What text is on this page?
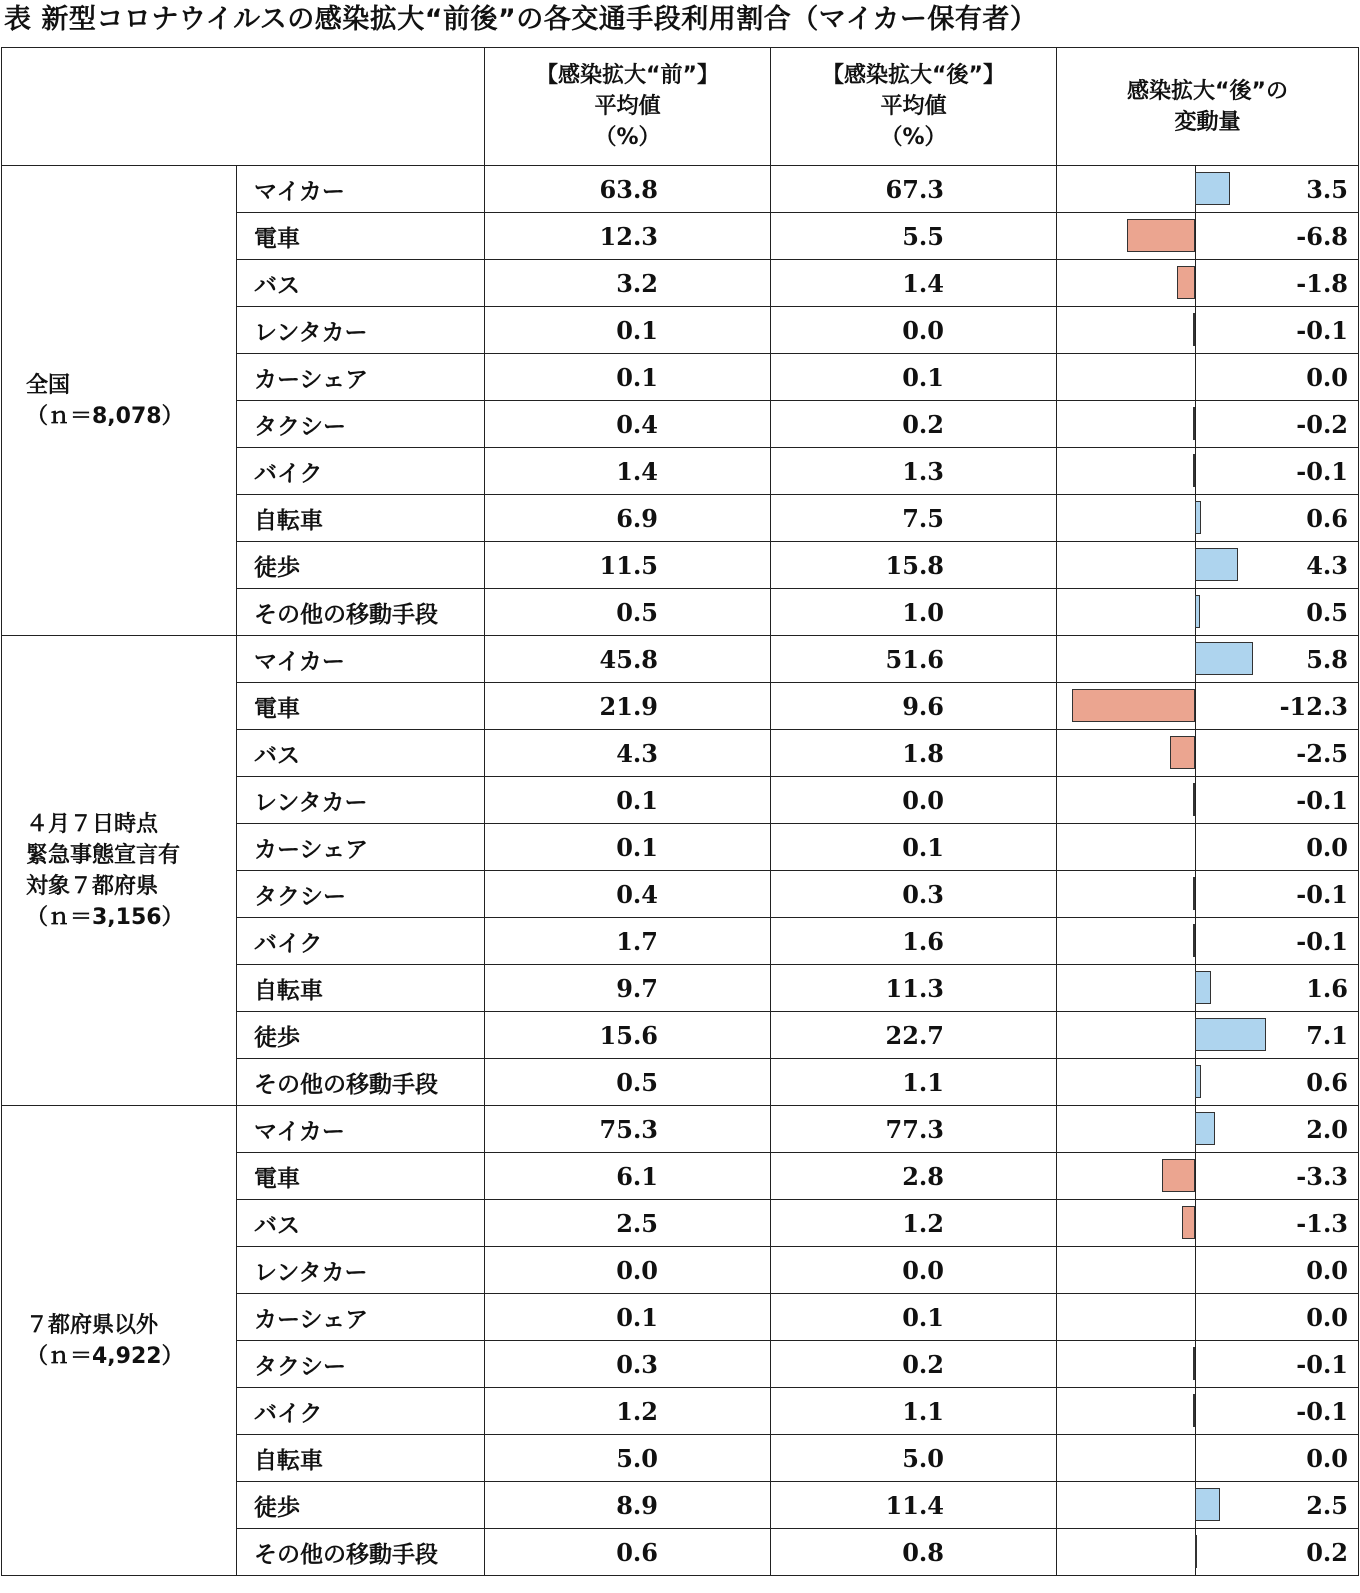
表 新型コロナウイルスの感染拡大“前後”の各交通手段利用割合（マイカー保有者）

		【感染拡大“前”】
平均値
（%）	【感染拡大“後”】
平均値
（%）	感染拡大“後”の
変動量

全国
（ｎ＝8,078）	マイカー	63.8	67.3	3.5

	電車	12.3	5.5	-6.8

	バス	3.2	1.4	-1.8

	レンタカー	0.1	0.0	-0.1

	カーシェア	0.1	0.1	0.0

	タクシー	0.4	0.2	-0.2

	バイク	1.4	1.3	-0.1

	自転車	6.9	7.5	0.6

	徒歩	11.5	15.8	4.3

	その他の移動手段	0.5	1.0	0.5

４月７日時点
緊急事態宣言有
対象７都府県
（ｎ＝3,156）	マイカー	45.8	51.6	5.8

	電車	21.9	9.6	-12.3

	バス	4.3	1.8	-2.5

	レンタカー	0.1	0.0	-0.1

	カーシェア	0.1	0.1	0.0

	タクシー	0.4	0.3	-0.1

	バイク	1.7	1.6	-0.1

	自転車	9.7	11.3	1.6

	徒歩	15.6	22.7	7.1

	その他の移動手段	0.5	1.1	0.6

７都府県以外
（ｎ＝4,922）	マイカー	75.3	77.3	2.0

	電車	6.1	2.8	-3.3

	バス	2.5	1.2	-1.3

	レンタカー	0.0	0.0	0.0

	カーシェア	0.1	0.1	0.0

	タクシー	0.3	0.2	-0.1

	バイク	1.2	1.1	-0.1

	自転車	5.0	5.0	0.0

	徒歩	8.9	11.4	2.5

	その他の移動手段	0.6	0.8	0.2
